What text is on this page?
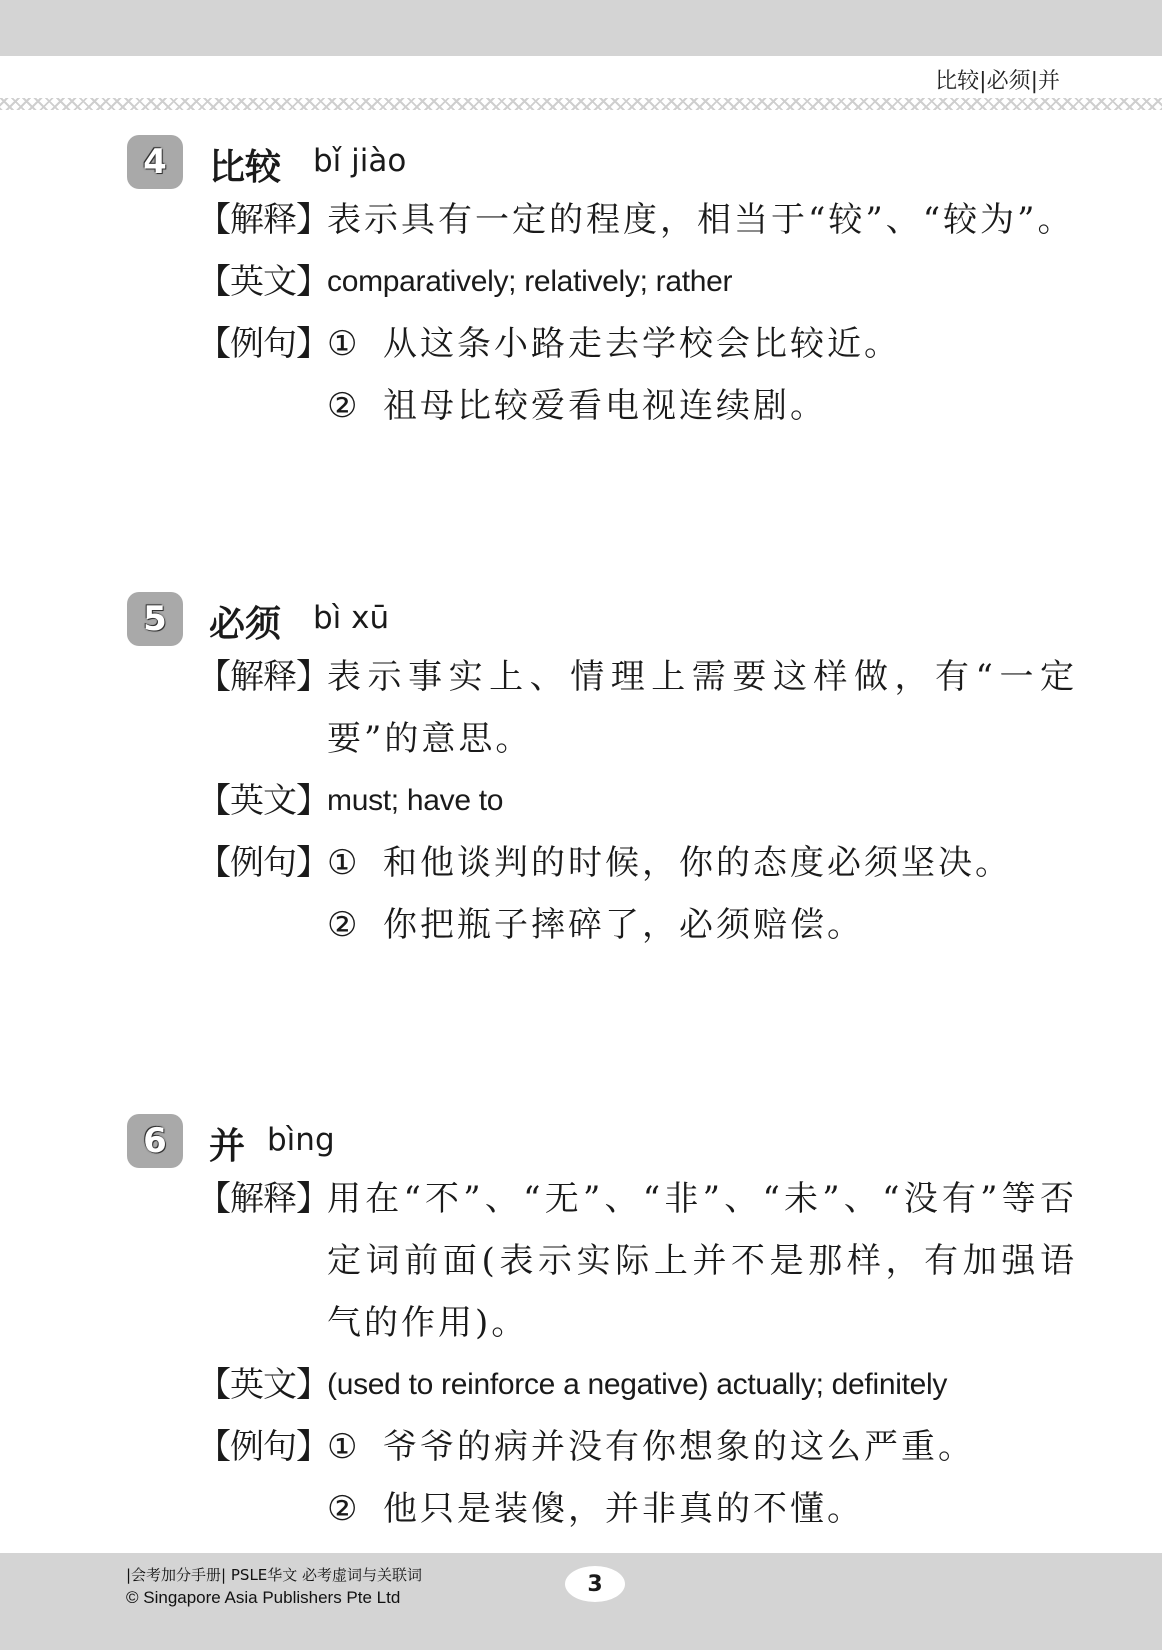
比较|必须|并
4	比较 bǐ jiào
【解释】
表示具有一定的程度，相当于“较”、“较为”。
【英文】
comparatively; relatively; rather
【例句】
① 从这条小路走去学校会比较近。
② 祖母比较爱看电视连续剧。
5	必须 bì xū
【解释】
表示事实上、情理上需要这样做，有“一定要”的意思。
【英文】
must; have to
【例句】
① 和他谈判的时候，你的态度必须坚决。
② 你把瓶子摔碎了，必须赔偿。
6	并 bìng
【解释】
用在“不”、“无”、“非”、“未”、“没有”等否定词前面(表示实际上并不是那样，有加强语气的作用)。
【英文】
(used to reinforce a negative) actually; definitely
【例句】
① 爷爷的病并没有你想象的这么严重。
② 他只是装傻，并非真的不懂。
|会考加分手册| PSLE华文 必考虚词与关联词
© Singapore Asia Publishers Pte Ltd
3
